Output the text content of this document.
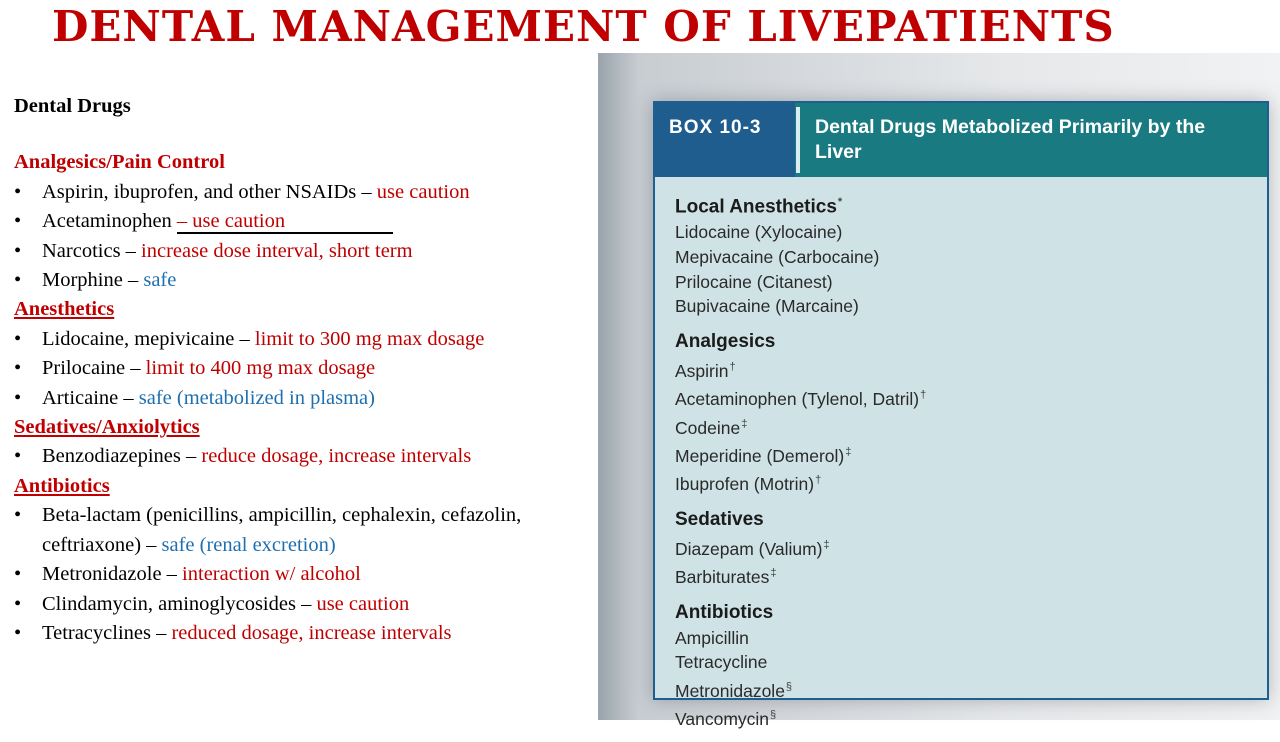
DENTAL MANAGEMENT OF LIVEPATIENTS

Dental Drugs

Analgesics/Pain Control

• Aspirin, ibuprofen, and other NSAIDs – use caution
• Acetaminophen – use caution
• Narcotics – increase dose interval, short term
• Morphine – safe

Anesthetics

• Lidocaine, mepivicaine – limit to 300 mg max dosage
• Prilocaine – limit to 400 mg max dosage
• Articaine – safe (metabolized in plasma)

Sedatives/Anxiolytics

• Benzodiazepines – reduce dosage, increase intervals

Antibiotics

• Beta-lactam (penicillins, ampicillin, cephalexin, cefazolin, ceftriaxone) – safe (renal excretion)
• Metronidazole – interaction w/ alcohol
• Clindamycin, aminoglycosides – use caution
• Tetracyclines – reduced dosage, increase intervals
BOX 10-3	Dental Drugs Metabolized Primarily by the Liver
Local Anesthetics*
Lidocaine (Xylocaine)
Mepivacaine (Carbocaine)
Prilocaine (Citanest)
Bupivacaine (Marcaine)
Analgesics
Aspirin†
Acetaminophen (Tylenol, Datril)†
Codeine‡
Meperidine (Demerol)‡
Ibuprofen (Motrin)†
Sedatives
Diazepam (Valium)‡
Barbiturates‡
Antibiotics
Ampicillin
Tetracycline
Metronidazole§
Vancomycin§
